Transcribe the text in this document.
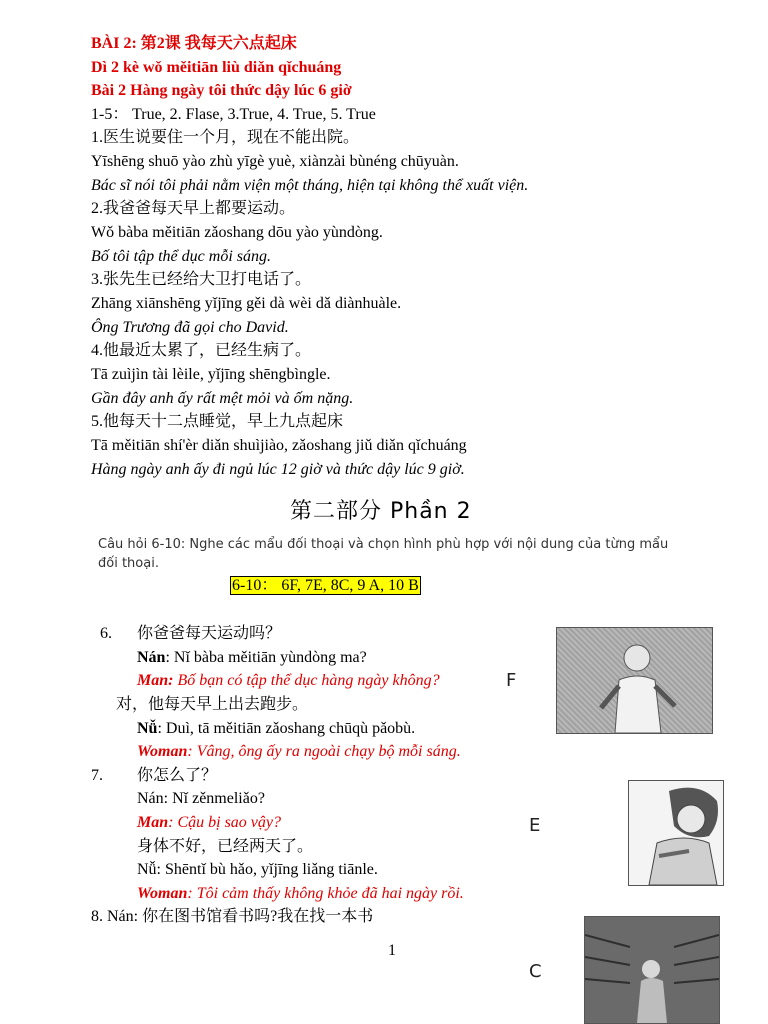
BÀI 2: 第2课 我每天六点起床
Dì 2 kè wǒ měitiān liù diǎn qǐchuáng
Bài 2 Hàng ngày tôi thức dậy lúc 6 giờ
1-5： True, 2. Flase, 3.True, 4. True, 5. True
1.医生说要住一个月，现在不能出院。
Yīshēng shuō yào zhù yīgè yuè, xiànzài bùnéng chūyuàn.
Bác sĩ nói tôi phải nằm viện một tháng, hiện tại không thể xuất viện.
2.我爸爸每天早上都要运动。
Wǒ bàba měitiān zǎoshang dōu yào yùndòng.
Bố tôi tập thể dục mỗi sáng.
3.张先生已经给大卫打电话了。
Zhāng xiānshēng yǐjīng gěi dà wèi dǎ diànhuàle.
Ông Trương đã gọi cho David.
4.他最近太累了，已经生病了。
Tā zuìjìn tài lèile, yǐjīng shēngbìngle.
Gần đây anh ấy rất mệt mỏi và ốm nặng.
5.他每天十二点睡觉，早上九点起床
Tā měitiān shí'èr diǎn shuìjiào, zǎoshang jiǔ diǎn qǐchuáng
Hàng ngày anh ấy đi ngủ lúc 12 giờ và thức dậy lúc 9 giờ.
第二部分 Phần 2
Câu hỏi 6-10: Nghe các mẩu đối thoại và chọn hình phù hợp với nội dung của từng mẩu
đối thoại.
6-10： 6F, 7E, 8C, 9 A, 10 B
6. 你爸爸每天运动吗？
Nán: Nǐ bàba měitiān yùndòng ma?
Man: Bố bạn có tập thể dục hàng ngày không?
对，他每天早上出去跑步。
Nǚ: Duì, tā měitiān zǎoshang chūqù pǎobù.
Woman: Vâng, ông ấy ra ngoài chạy bộ mỗi sáng.
F
7. 你怎么了？
Nán: Nǐ zěnmeliǎo?
Man: Cậu bị sao vậy?
身体不好，已经两天了。
Nǚ: Shēntǐ bù hǎo, yǐjīng liǎng tiānle.
Woman: Tôi cảm thấy không khỏe đã hai ngày rồi.
E
8. Nán: 你在图书馆看书吗?我在找一本书
C
1
